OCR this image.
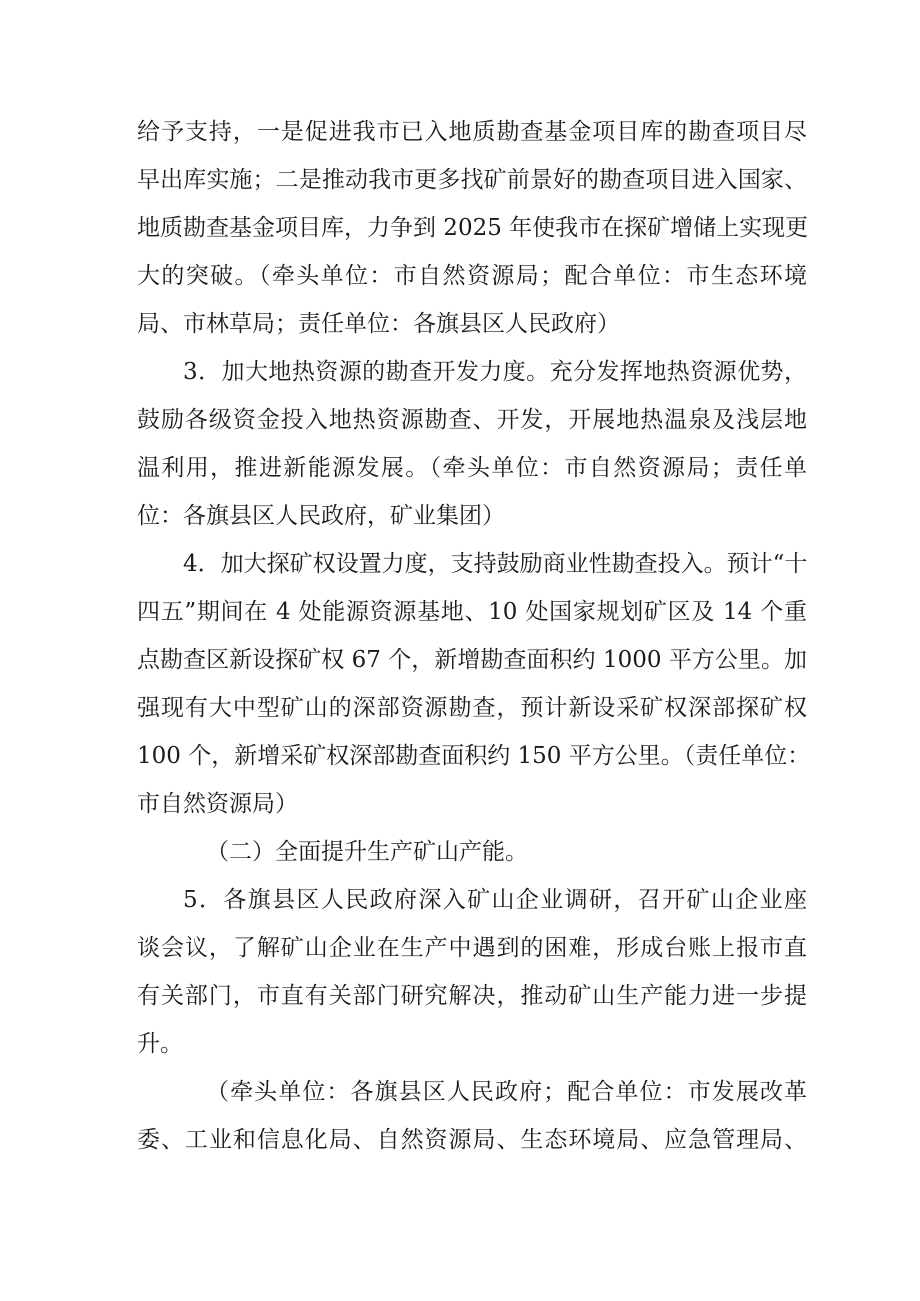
给予支持，一是促进我市已入地质勘查基金项目库的勘查项目尽
早出库实施；二是推动我市更多找矿前景好的勘查项目进入国家、
地质勘查基金项目库，力争到 2025 年使我市在探矿增储上实现更
大的突破。（牵头单位：市自然资源局；配合单位：市生态环境
局、市林草局；责任单位：各旗县区人民政府）
3．加大地热资源的勘查开发力度。充分发挥地热资源优势，
鼓励各级资金投入地热资源勘查、开发，开展地热温泉及浅层地
温利用，推进新能源发展。（牵头单位：市自然资源局；责任单
位：各旗县区人民政府，矿业集团）
4．加大探矿权设置力度，支持鼓励商业性勘查投入。预计“十
四五”期间在 4 处能源资源基地、10 处国家规划矿区及 14 个重
点勘查区新设探矿权 67 个，新增勘查面积约 1000 平方公里。加
强现有大中型矿山的深部资源勘查，预计新设采矿权深部探矿权
100 个，新增采矿权深部勘查面积约 150 平方公里。（责任单位：
市自然资源局）
（二）全面提升生产矿山产能。
5．各旗县区人民政府深入矿山企业调研，召开矿山企业座
谈会议，了解矿山企业在生产中遇到的困难，形成台账上报市直
有关部门，市直有关部门研究解决，推动矿山生产能力进一步提
升。
（牵头单位：各旗县区人民政府；配合单位：市发展改革
委、工业和信息化局、自然资源局、生态环境局、应急管理局、
